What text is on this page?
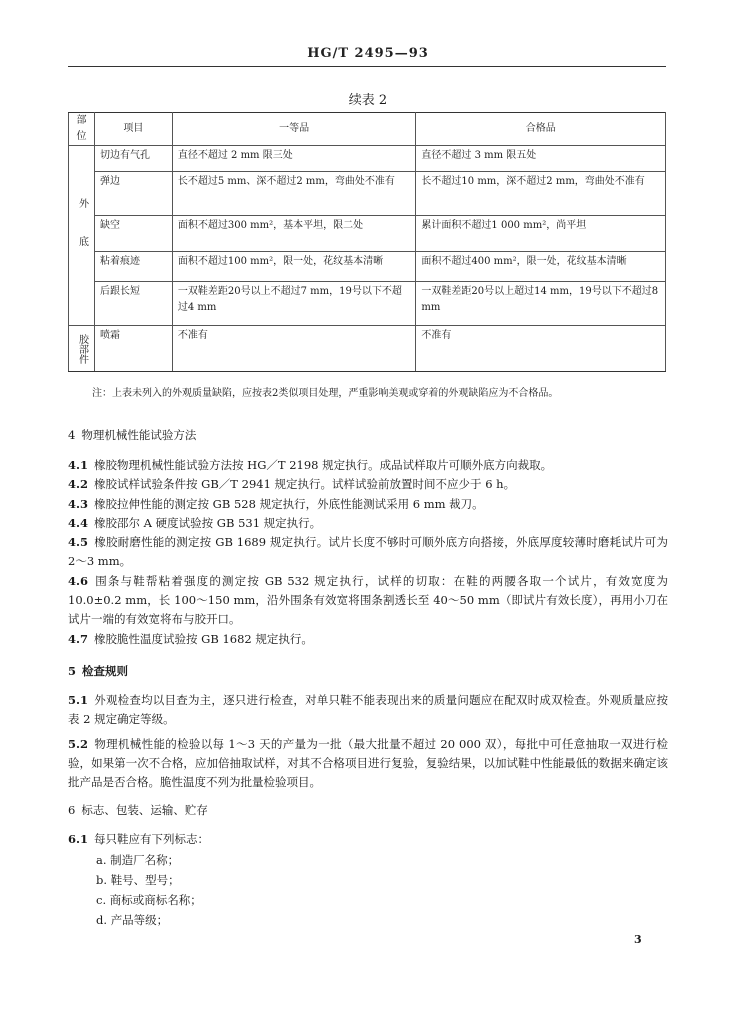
HG/T 2495—93
续表 2
部位	项目	一等品	合格品
外底	切边有气孔	直径不超过 2 mm 限三处	直径不超过 3 mm 限五处
	弹边	长不超过5 mm、深不超过2 mm，弯曲处不准有	长不超过10 mm，深不超过2 mm，弯曲处不准有
	缺空	面积不超过300 mm²，基本平坦，限二处	累计面积不超过1 000 mm²，尚平坦
	粘着痕迹	面积不超过100 mm²，限一处，花纹基本清晰	面积不超过400 mm²，限一处，花纹基本清晰
	后跟长短	一双鞋差距20号以上不超过7 mm，19号以下不超过4 mm	一双鞋差距20号以上超过14 mm，19号以下不超过8 mm
胶部件	喷霜	不准有	不准有
注：上表未列入的外观质量缺陷，应按表2类似项目处理，严重影响美观或穿着的外观缺陷应为不合格品。
4 物理机械性能试验方法
4.1 橡胶物理机械性能试验方法按 HG／T 2198 规定执行。成品试样取片可顺外底方向裁取。
4.2 橡胶试样试验条件按 GB／T 2941 规定执行。试样试验前放置时间不应少于 6 h。
4.3 橡胶拉伸性能的测定按 GB 528 规定执行，外底性能测试采用 6 mm 裁刀。
4.4 橡胶邵尔 A 硬度试验按 GB 531 规定执行。
4.5 橡胶耐磨性能的测定按 GB 1689 规定执行。试片长度不够时可顺外底方向搭接，外底厚度较薄时磨耗试片可为 2～3 mm。
4.6 围条与鞋帮粘着强度的测定按 GB 532 规定执行，试样的切取：在鞋的两腰各取一个试片，有效宽度为 10.0±0.2 mm，长 100～150 mm，沿外围条有效宽将围条割透长至 40～50 mm（即试片有效长度），再用小刀在试片一端的有效宽将布与胶开口。
4.7 橡胶脆性温度试验按 GB 1682 规定执行。
5 检查规则
5.1 外观检查均以目查为主，逐只进行检查，对单只鞋不能表现出来的质量问题应在配双时成双检查。外观质量应按表 2 规定确定等级。
5.2 物理机械性能的检验以每 1～3 天的产量为一批（最大批量不超过 20 000 双），每批中可任意抽取一双进行检验，如果第一次不合格，应加倍抽取试样，对其不合格项目进行复验，复验结果，以加试鞋中性能最低的数据来确定该批产品是否合格。脆性温度不列为批量检验项目。
6 标志、包装、运输、贮存
6.1 每只鞋应有下列标志：
a. 制造厂名称；
b. 鞋号、型号；
c. 商标或商标名称；
d. 产品等级；
3
